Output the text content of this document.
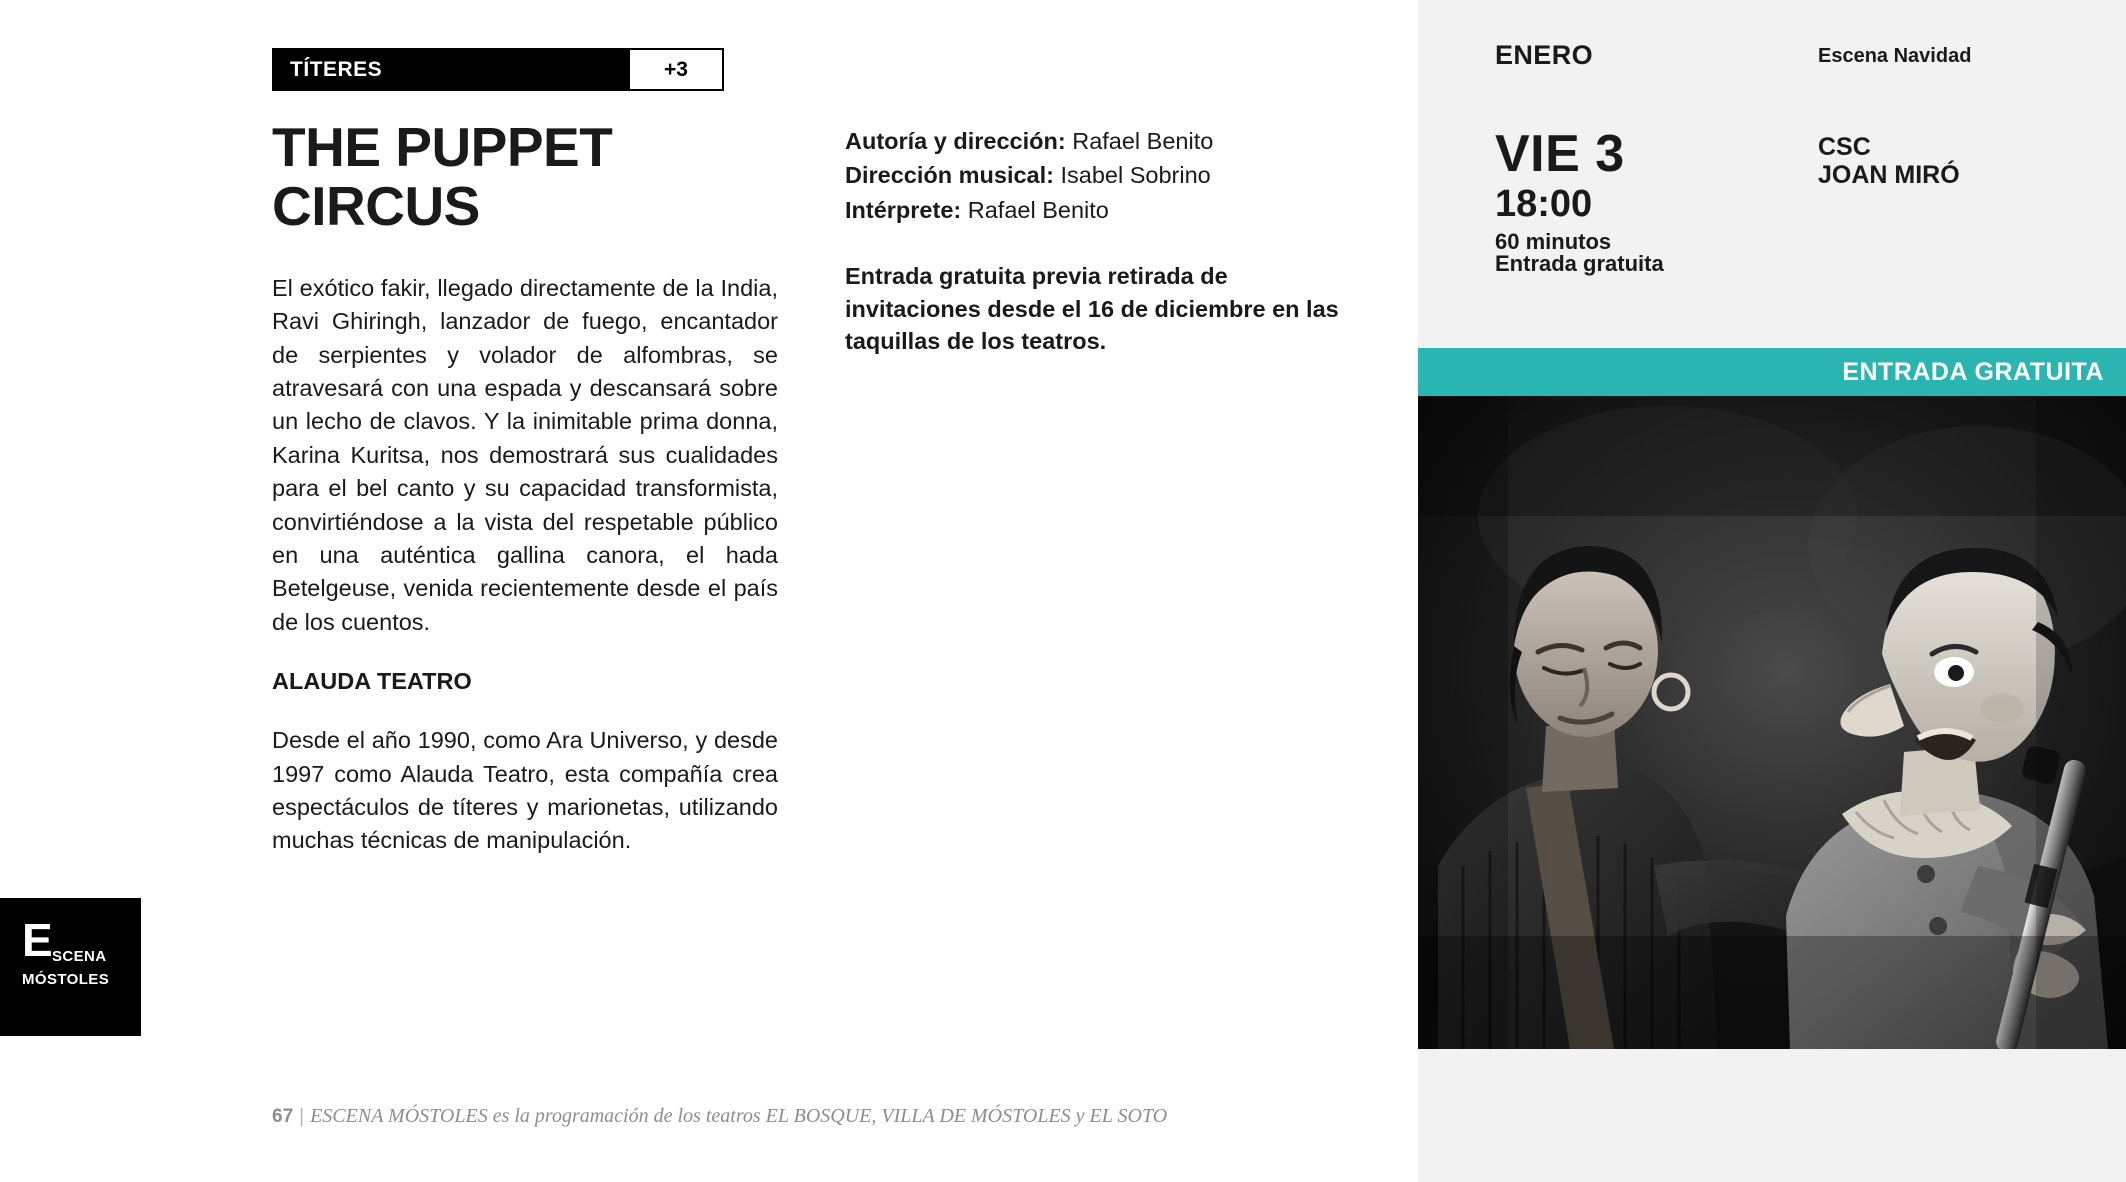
TÍTERES	+3
THE PUPPET CIRCUS

El exótico fakir, llegado directamente de la India, Ravi Ghiringh, lanzador de fuego, encantador de serpientes y volador de alfombras, se atravesará con una espada y descansará sobre un lecho de clavos. Y la inimitable prima donna, Karina Kuritsa, nos demostrará sus cualidades para el bel canto y su capacidad transformista, convirtiéndose a la vista del respetable público en una auténtica gallina canora, el hada Betelgeuse, venida recientemente desde el país de los cuentos.

ALAUDA TEATRO

Desde el año 1990, como Ara Universo, y desde 1997 como Alauda Teatro, esta compañía crea espectáculos de títeres y marionetas, utilizando muchas técnicas de manipulación.

Autoría y dirección: Rafael Benito
Dirección musical: Isabel Sobrino
Intérprete: Rafael Benito
Entrada gratuita previa retirada de invitaciones desde el 16 de diciembre en las taquillas de los teatros.
E SCENA
MÓSTOLES
67 | ESCENA MÓSTOLES es la programación de los teatros EL BOSQUE, VILLA DE MÓSTOLES y EL SOTO
ENERO	Escena Navidad
VIE 3
18:00
60 minutos
Entrada gratuita
CSC
JOAN MIRÓ
ENTRADA GRATUITA
